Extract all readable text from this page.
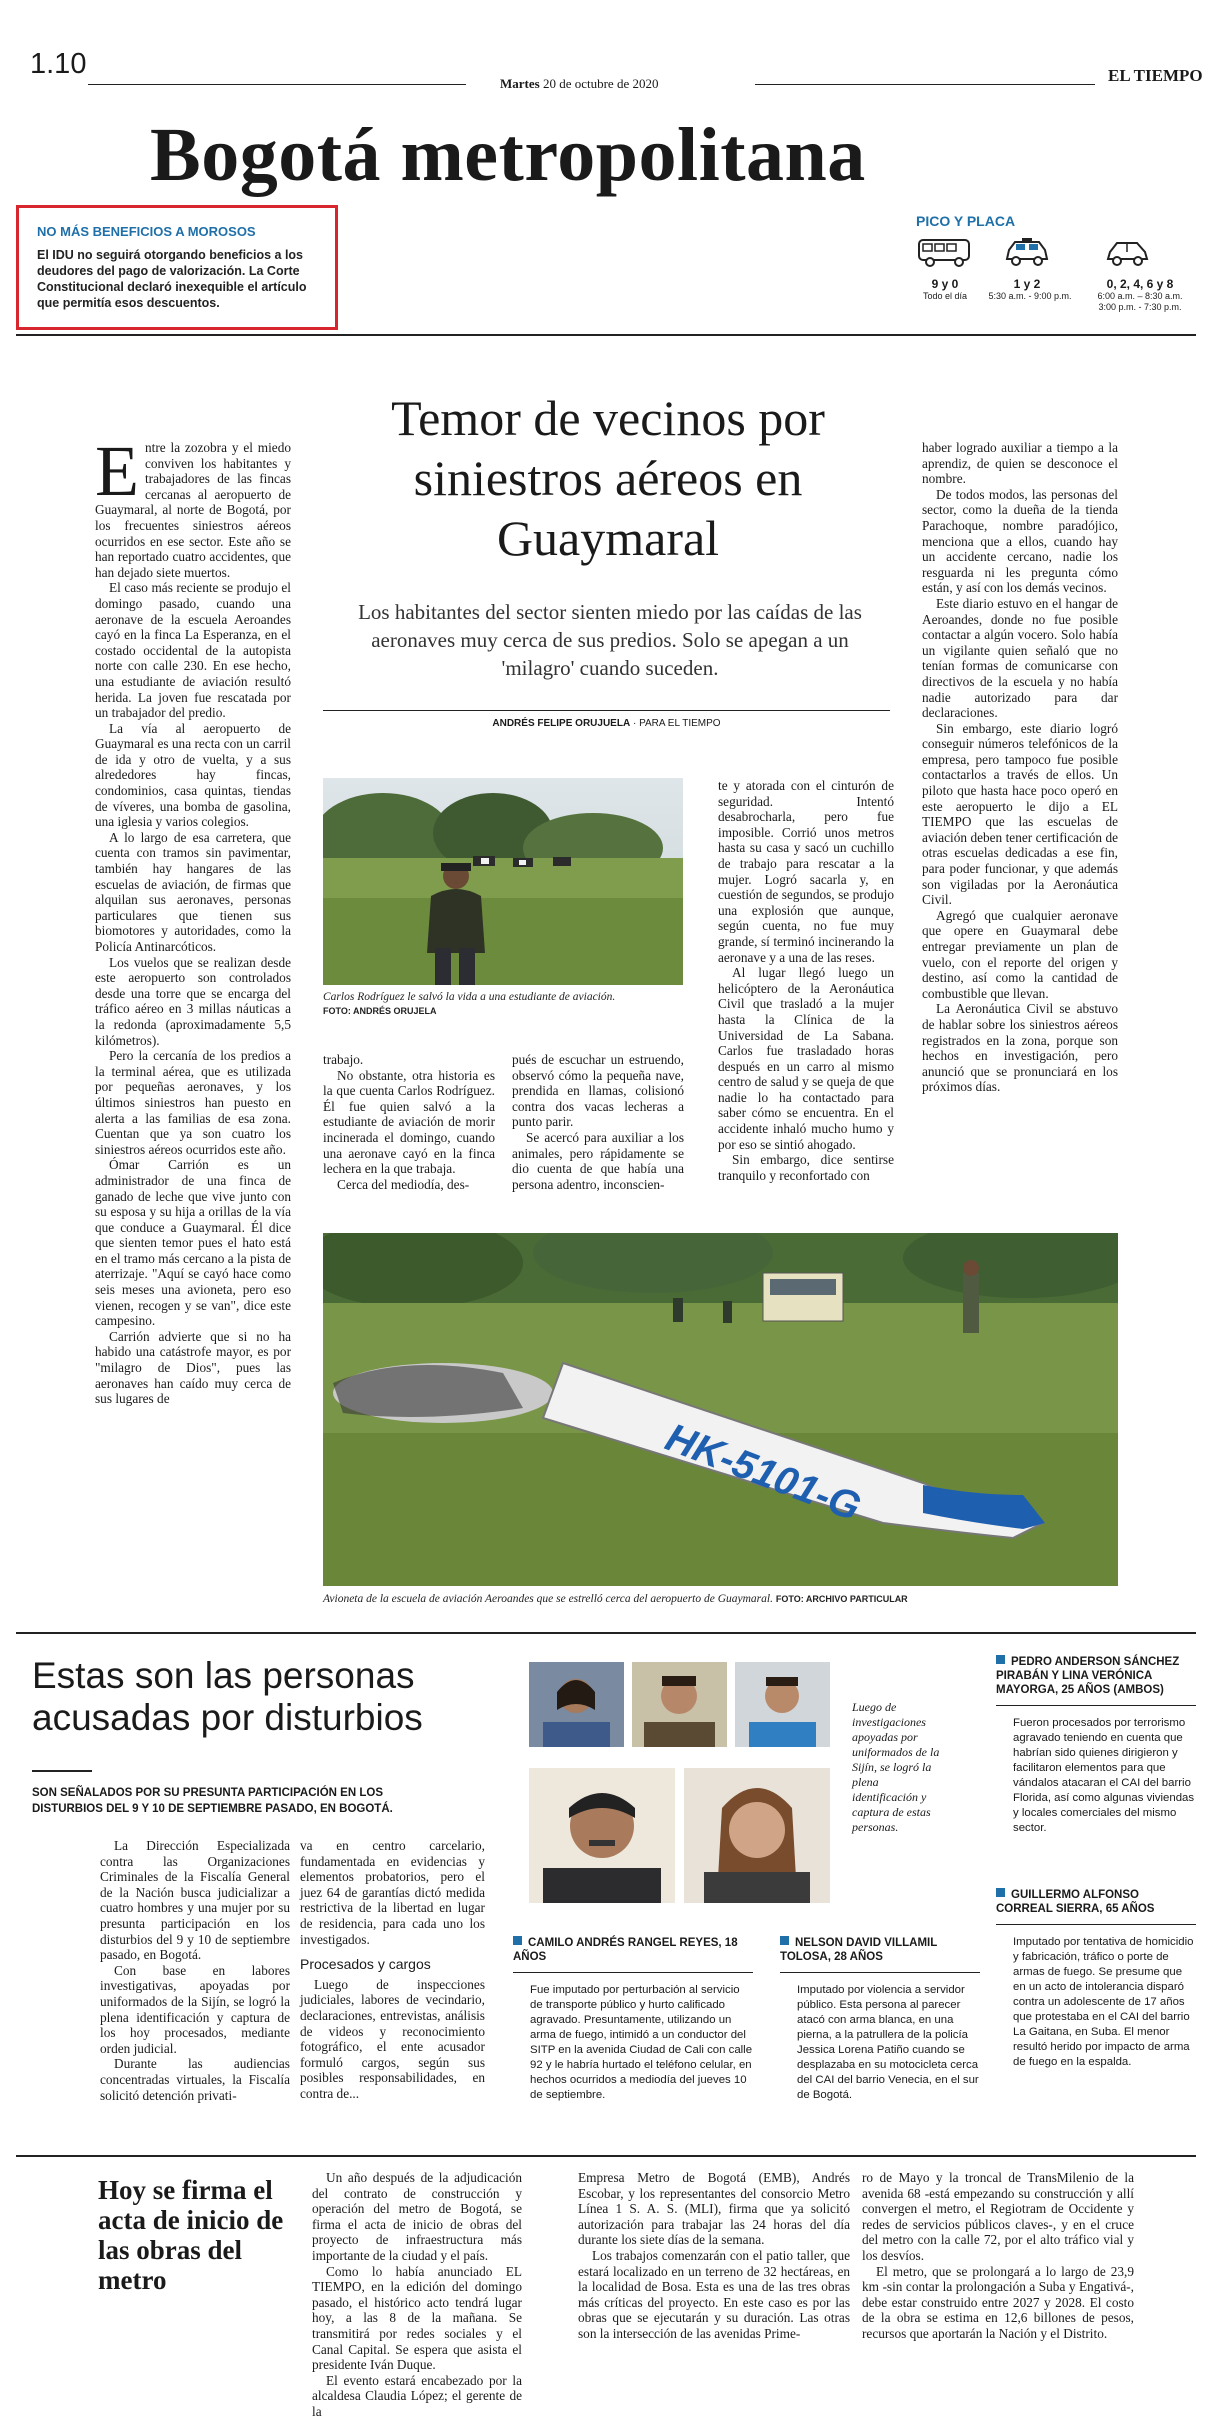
1.10
Martes 20 de octubre de 2020	EL TIEMPO
Bogotá metropolitana
NO MÁS BENEFICIOS A MOROSOS
El IDU no seguirá otorgando beneficios a los deudores del pago de valorización. La Corte Constitucional declaró inexequible el artículo que permitía esos descuentos.
PICO Y PLACA
9 y 0
Todo el día
1 y 2
5:30 a.m. - 9:00 p.m.
0, 2, 4, 6 y 8
6:00 a.m. – 8:30 a.m.
3:00 p.m. - 7:30 p.m.
Temor de vecinos por siniestros aéreos en Guaymaral
Los habitantes del sector sienten miedo por las caídas de las aeronaves muy cerca de sus predios. Solo se apegan a un 'milagro' cuando suceden.
ANDRÉS FELIPE ORUJUELA · PARA EL TIEMPO
E ntre la zozobra y el miedo conviven los habitantes y trabajadores de las fincas cercanas al aeropuerto de Guaymaral, al norte de Bogotá, por los frecuentes siniestros aéreos ocurridos en ese sector. Este año se han reportado cuatro accidentes, que han dejado siete muertos.

El caso más reciente se produjo el domingo pasado, cuando una aeronave de la escuela Aeroandes cayó en la finca La Esperanza, en el costado occidental de la autopista norte con calle 230. En ese hecho, una estudiante de aviación resultó herida. La joven fue rescatada por un trabajador del predio.

La vía al aeropuerto de Guaymaral es una recta con un carril de ida y otro de vuelta, y a sus alrededores hay fincas, condominios, casa quintas, tiendas de víveres, una bomba de gasolina, una iglesia y varios colegios.

A lo largo de esa carretera, que cuenta con tramos sin pavimentar, también hay hangares de las escuelas de aviación, de firmas que alquilan sus aeronaves, personas particulares que tienen sus biomotores y autoridades, como la Policía Antinarcóticos.

Los vuelos que se realizan desde este aeropuerto son controlados desde una torre que se encarga del tráfico aéreo en 3 millas náuticas a la redonda (aproximadamente 5,5 kilómetros).

Pero la cercanía de los predios a la terminal aérea, que es utilizada por pequeñas aeronaves, y los últimos siniestros han puesto en alerta a las familias de esa zona. Cuentan que ya son cuatro los siniestros aéreos ocurridos este año.

Ómar Carrión es un administrador de una finca de ganado de leche que vive junto con su esposa y su hija a orillas de la vía que conduce a Guaymaral. Él dice que sienten temor pues el hato está en el tramo más cercano a la pista de aterrizaje. "Aquí se cayó hace como seis meses una avioneta, pero eso vienen, recogen y se van", dice este campesino.

Carrión advierte que si no ha habido una catástrofe mayor, es por "milagro de Dios", pues las aeronaves han caído muy cerca de sus lugares de

Carlos Rodríguez le salvó la vida a una estudiante de aviación. FOTO: ANDRÉS ORUJELA
trabajo.

No obstante, otra historia es la que cuenta Carlos Rodríguez. Él fue quien salvó a la estudiante de aviación de morir incinerada el domingo, cuando una aeronave cayó en la finca lechera en la que trabaja.

Cerca del mediodía, des-

pués de escuchar un estruendo, observó cómo la pequeña nave, prendida en llamas, colisionó contra dos vacas lecheras a punto parir.

Se acercó para auxiliar a los animales, pero rápidamente se dio cuenta de que había una persona adentro, inconscien-

te y atorada con el cinturón de seguridad. Intentó desabrocharla, pero fue imposible. Corrió unos metros hasta su casa y sacó un cuchillo de trabajo para rescatar a la mujer. Logró sacarla y, en cuestión de segundos, se produjo una explosión que aunque, según cuenta, no fue muy grande, sí terminó incinerando la aeronave y a una de las reses.

Al lugar llegó luego un helicóptero de la Aeronáutica Civil que trasladó a la mujer hasta la Clínica de la Universidad de La Sabana. Carlos fue trasladado horas después en un carro al mismo centro de salud y se queja de que nadie lo ha contactado para saber cómo se encuentra. En el accidente inhaló mucho humo y por eso se sintió ahogado.

Sin embargo, dice sentirse tranquilo y reconfortado con

haber logrado auxiliar a tiempo a la aprendiz, de quien se desconoce el nombre.

De todos modos, las personas del sector, como la dueña de la tienda Parachoque, nombre paradójico, menciona que a ellos, cuando hay un accidente cercano, nadie los resguarda ni les pregunta cómo están, y así con los demás vecinos.

Este diario estuvo en el hangar de Aeroandes, donde no fue posible contactar a algún vocero. Solo había un vigilante quien señaló que no tenían formas de comunicarse con directivos de la escuela y no había nadie autorizado para dar declaraciones.

Sin embargo, este diario logró conseguir números telefónicos de la empresa, pero tampoco fue posible contactarlos a través de ellos. Un piloto que hasta hace poco operó en este aeropuerto le dijo a EL TIEMPO que las escuelas de aviación deben tener certificación de otras escuelas dedicadas a ese fin, para poder funcionar, y que además son vigiladas por la Aeronáutica Civil.

Agregó que cualquier aeronave que opere en Guaymaral debe entregar previamente un plan de vuelo, con el reporte del origen y destino, así como la cantidad de combustible que llevan.

La Aeronáutica Civil se abstuvo de hablar sobre los siniestros aéreos registrados en la zona, porque son hechos en investigación, pero anunció que se pronunciará en los próximos días.

HK-5101-G
Avioneta de la escuela de aviación Aeroandes que se estrelló cerca del aeropuerto de Guaymaral. FOTO: ARCHIVO PARTICULAR
Estas son las personas acusadas por disturbios
SON SEÑALADOS POR SU PRESUNTA PARTICIPACIÓN EN LOS DISTURBIOS DEL 9 Y 10 DE SEPTIEMBRE PASADO, EN BOGOTÁ.

La Dirección Especializada contra las Organizaciones Criminales de la Fiscalía General de la Nación busca judicializar a cuatro hombres y una mujer por su presunta participación en los disturbios del 9 y 10 de septiembre pasado, en Bogotá.

Con base en labores investigativas, apoyadas por uniformados de la Sijín, se logró la plena identificación y captura de los hoy procesados, mediante orden judicial.

Durante las audiencias concentradas virtuales, la Fiscalía solicitó detención privati-

va en centro carcelario, fundamentada en evidencias y elementos probatorios, pero el juez 64 de garantías dictó medida restrictiva de la libertad en lugar de residencia, para cada uno los investigados.
Procesados y cargos

Luego de inspecciones judiciales, labores de vecindario, declaraciones, entrevistas, análisis de videos y reconocimiento fotográfico, el ente acusador formuló cargos, según sus posibles responsabilidades, en contra de...

Luego de investigaciones apoyadas por uniformados de la Sijín, se logró la plena identificación y captura de estas personas.
CAMILO ANDRÉS RANGEL REYES, 18 AÑOS
Fue imputado por perturbación al servicio de transporte público y hurto calificado agravado. Presuntamente, utilizando un arma de fuego, intimidó a un conductor del SITP en la avenida Ciudad de Cali con calle 92 y le habría hurtado el teléfono celular, en hechos ocurridos a mediodía del jueves 10 de septiembre.
NELSON DAVID VILLAMIL TOLOSA, 28 AÑOS
Imputado por violencia a servidor público. Esta persona al parecer atacó con arma blanca, en una pierna, a la patrullera de la policía Jessica Lorena Patiño cuando se desplazaba en su motocicleta cerca del CAI del barrio Venecia, en el sur de Bogotá.
PEDRO ANDERSON SÁNCHEZ PIRABÁN Y LINA VERÓNICA MAYORGA, 25 AÑOS (AMBOS)
Fueron procesados por terrorismo agravado teniendo en cuenta que habrían sido quienes dirigieron y facilitaron elementos para que vándalos atacaran el CAI del barrio Florida, así como algunas viviendas y locales comerciales del mismo sector.
GUILLERMO ALFONSO CORREAL SIERRA, 65 AÑOS
Imputado por tentativa de homicidio y fabricación, tráfico o porte de armas de fuego. Se presume que en un acto de intolerancia disparó contra un adolescente de 17 años que protestaba en el CAI del barrio La Gaitana, en Suba. El menor resultó herido por impacto de arma de fuego en la espalda.
Hoy se firma el acta de inicio de las obras del metro

Un año después de la adjudicación del contrato de construcción y operación del metro de Bogotá, se firma el acta de inicio de obras del proyecto de infraestructura más importante de la ciudad y el país.

Como lo había anunciado EL TIEMPO, en la edición del domingo pasado, el histórico acto tendrá lugar hoy, a las 8 de la mañana. Se transmitirá por redes sociales y el Canal Capital. Se espera que asista el presidente Iván Duque.

El evento estará encabezado por la alcaldesa Claudia López; el gerente de la

Empresa Metro de Bogotá (EMB), Andrés Escobar, y los representantes del consorcio Metro Línea 1 S. A. S. (MLI), firma que ya solicitó autorización para trabajar las 24 horas del día durante los siete días de la semana.

Los trabajos comenzarán con el patio taller, que estará localizado en un terreno de 32 hectáreas, en la localidad de Bosa. Esta es una de las tres obras más críticas del proyecto. En este caso es por las obras que se ejecutarán y su duración. Las otras son la intersección de las avenidas Prime-

ro de Mayo y la troncal de TransMilenio de la avenida 68 -está empezando su construcción y allí convergen el metro, el Regiotram de Occidente y redes de servicios públicos claves-, y en el cruce del metro con la calle 72, por el alto tráfico vial y los desvíos.

El metro, que se prolongará a lo largo de 23,9 km -sin contar la prolongación a Suba y Engativá-, debe estar construido entre 2027 y 2028. El costo de la obra se estima en 12,6 billones de pesos, recursos que aportarán la Nación y el Distrito.
